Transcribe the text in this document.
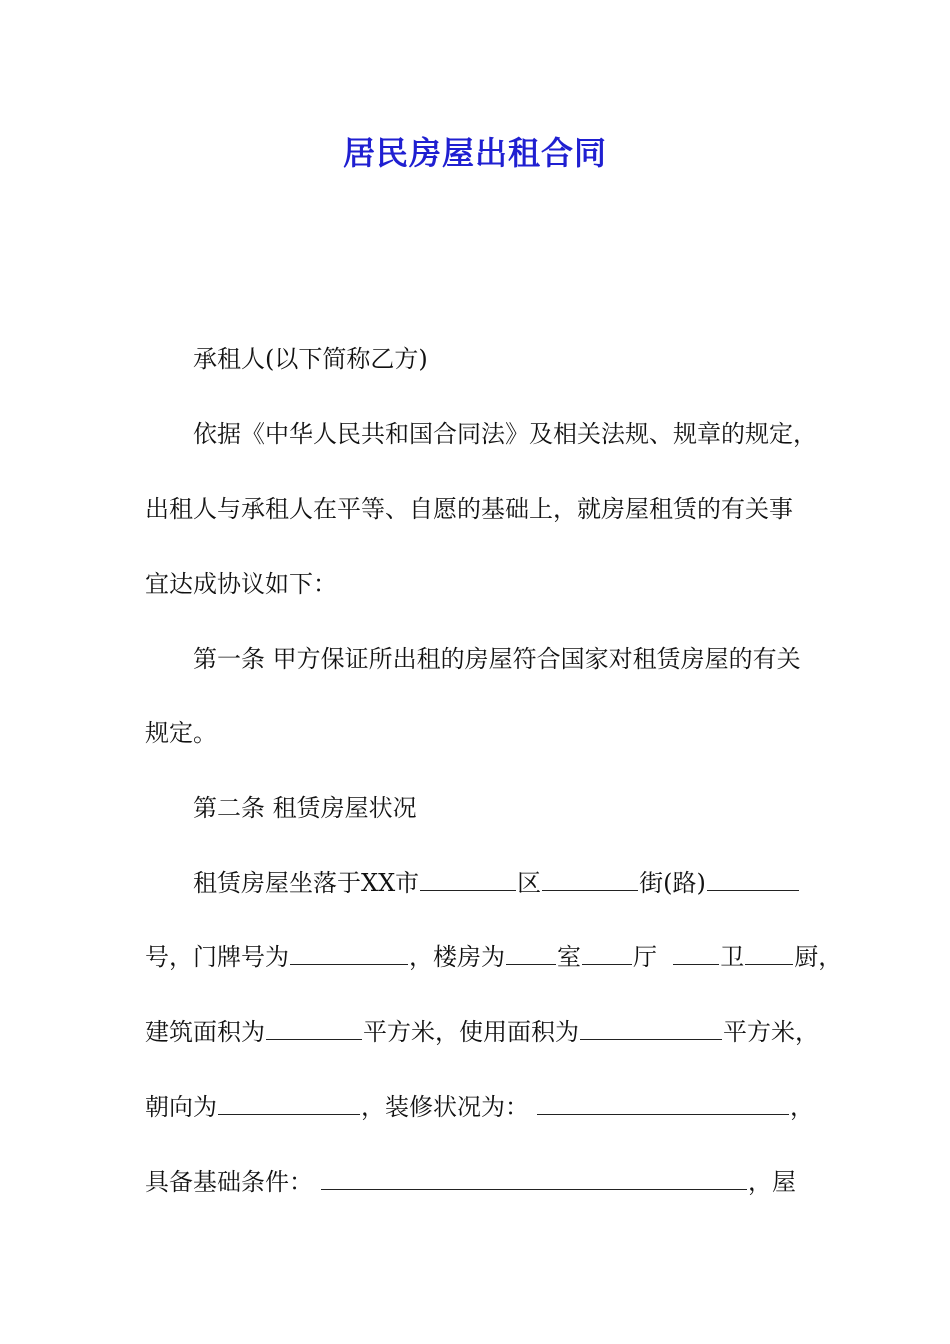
居民房屋出租合同
承租人(以下简称乙方)
依据《中华人民共和国合同法》及相关法规、规章的规定，
出租人与承租人在平等、自愿的基础上，就房屋租赁的有关事
宜达成协议如下：
第一条 甲方保证所出租的房屋符合国家对租赁房屋的有关
规定。
第二条 租赁房屋状况
租赁房屋坐落于XX市	区	街(路)
号，门牌号为	，楼房为 室 厅	卫 厨，
建筑面积为	平方米，使用面积为	平方米，
朝向为	，装修状况为：	，
具备基础条件：	，屋
